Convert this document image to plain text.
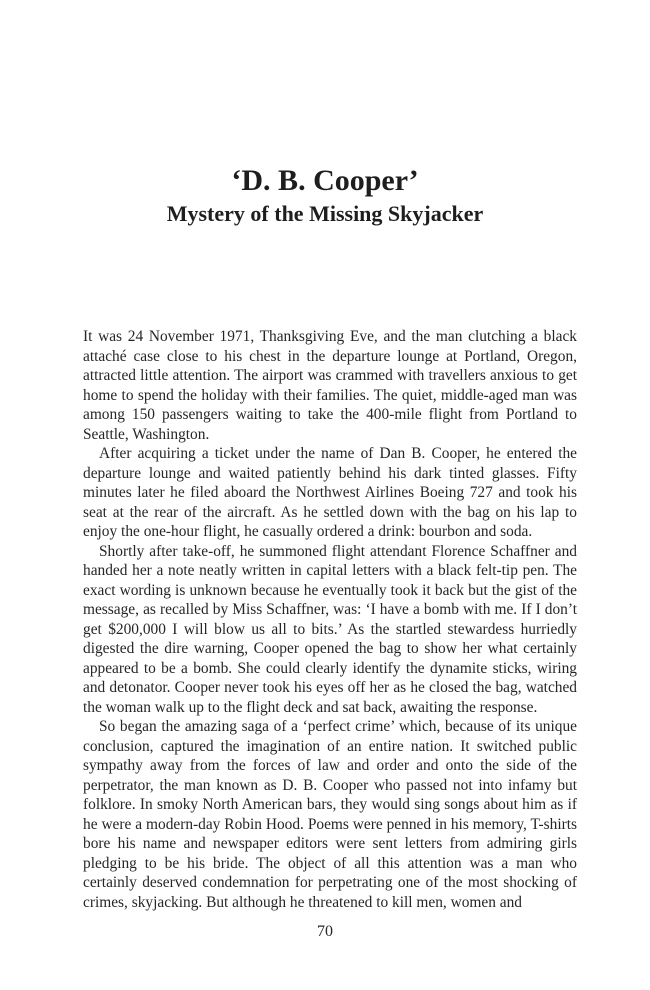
‘D. B. Cooper’
Mystery of the Missing Skyjacker

It was 24 November 1971, Thanksgiving Eve, and the man clutching a black attaché case close to his chest in the departure lounge at Portland, Oregon, attracted little attention. The airport was crammed with travellers anxious to get home to spend the holiday with their families. The quiet, middle-aged man was among 150 passengers waiting to take the 400-mile flight from Portland to Seattle, Washington.

After acquiring a ticket under the name of Dan B. Cooper, he entered the departure lounge and waited patiently behind his dark tinted glasses. Fifty minutes later he filed aboard the Northwest Airlines Boeing 727 and took his seat at the rear of the aircraft. As he settled down with the bag on his lap to enjoy the one-hour flight, he casually ordered a drink: bourbon and soda.

Shortly after take-off, he summoned flight attendant Florence Schaffner and handed her a note neatly written in capital letters with a black felt-tip pen. The exact wording is unknown because he eventually took it back but the gist of the message, as recalled by Miss Schaffner, was: ‘I have a bomb with me. If I don’t get $200,000 I will blow us all to bits.’ As the startled stewardess hurriedly digested the dire warning, Cooper opened the bag to show her what certainly appeared to be a bomb. She could clearly identify the dynamite sticks, wiring and detonator. Cooper never took his eyes off her as he closed the bag, watched the woman walk up to the flight deck and sat back, awaiting the response.

So began the amazing saga of a ‘perfect crime’ which, because of its unique conclusion, captured the imagination of an entire nation. It switched public sympathy away from the forces of law and order and onto the side of the perpetrator, the man known as D. B. Cooper who passed not into infamy but folklore. In smoky North American bars, they would sing songs about him as if he were a modern-day Robin Hood. Poems were penned in his memory, T-shirts bore his name and newspaper editors were sent letters from admiring girls pledging to be his bride. The object of all this attention was a man who certainly deserved condemnation for perpetrating one of the most shocking of crimes, skyjacking. But although he threatened to kill men, women and

70
